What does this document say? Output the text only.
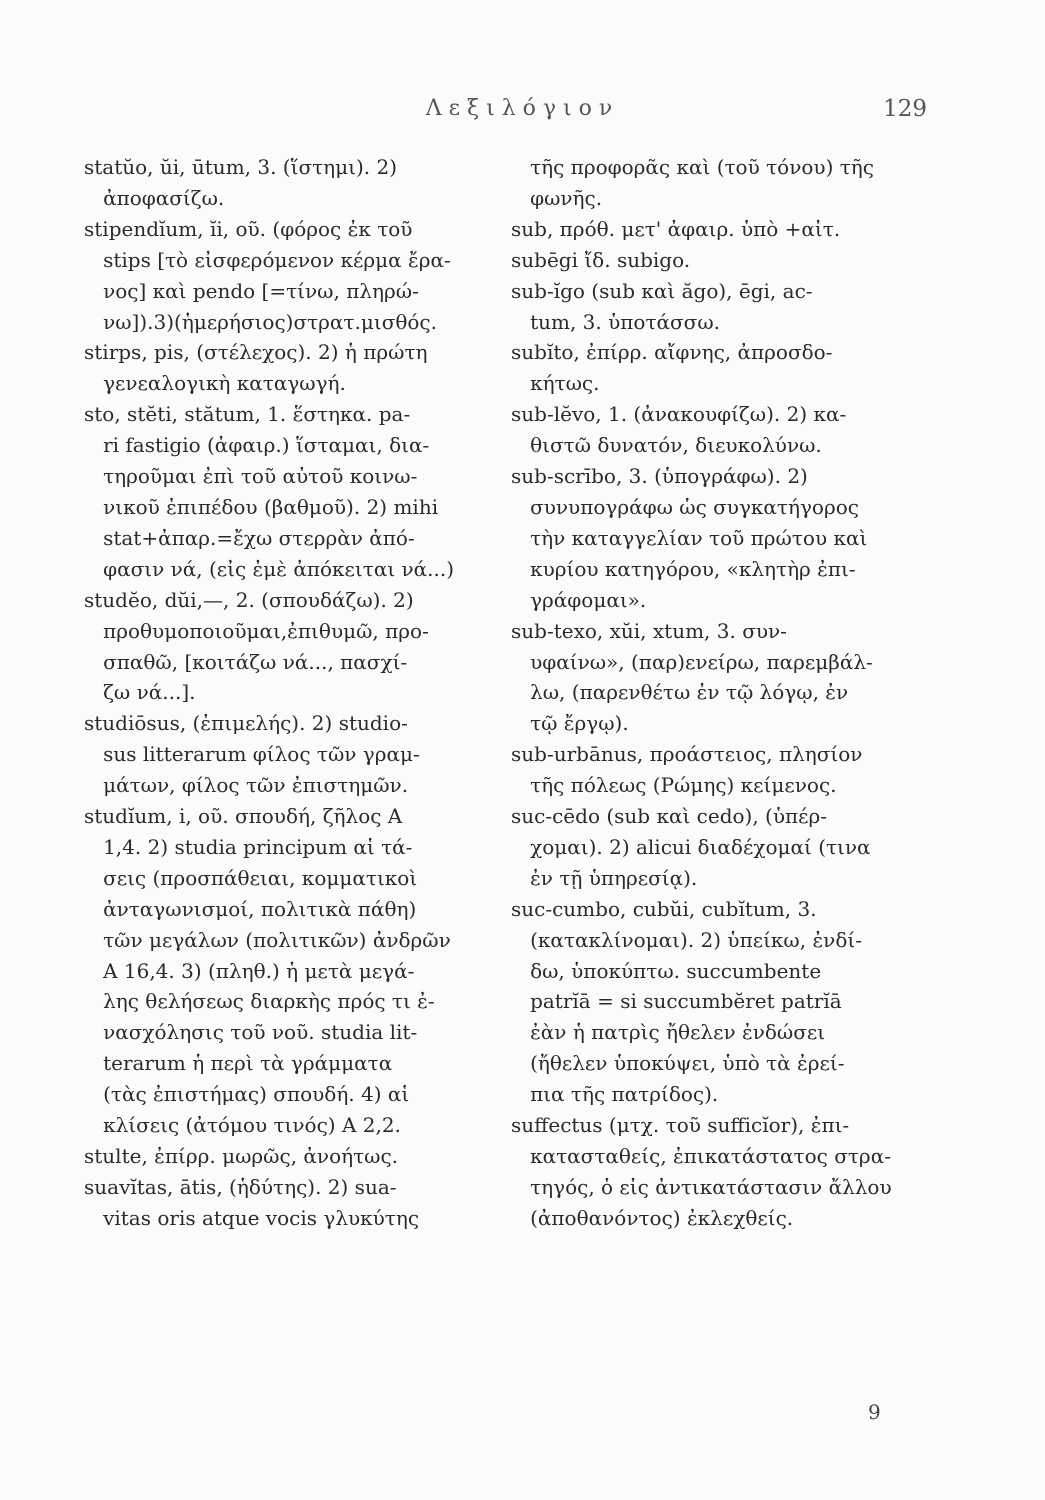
Λεξιλόγιον	129

statŭo, ŭi, ūtum, 3. (ἵστημι). 2)

ἀποφασίζω.

stipendĭum, ĭi, οῦ. (φόρος ἐκ τοῦ

stips [τὸ εἰσφερόμενον κέρμα ἔρα-

νος] καὶ pendo [=τίνω, πληρώ-

νω]).3)(ἡμερήσιος)στρατ.μισθός.

stirps, pis, (στέλεχος). 2) ἡ πρώτη

γενεαλογικὴ καταγωγή.

sto, stĕti, stătum, 1. ἕστηκα. pa-

ri fastigio (ἀφαιρ.) ἵσταμαι, δια-

τηροῦμαι ἐπὶ τοῦ αὐτοῦ κοινω-

νικοῦ ἐπιπέδου (βαθμοῦ). 2) mihi

stat+ἀπαρ.=ἔχω στερρὰν ἀπό-

φασιν νά, (εἰς ἐμὲ ἀπόκειται νά...)

studĕo, dŭi,—, 2. (σπουδάζω). 2)

προθυμοποιοῦμαι,ἐπιθυμῶ, προ-

σπαθῶ, [κοιτάζω νά..., πασχί-

ζω νά...].

studiōsus, (ἐπιμελής). 2) studio-

sus litterarum φίλος τῶν γραμ-

μάτων, φίλος τῶν ἐπιστημῶν.

studĭum, i, οῦ. σπουδή, ζῆλος Α

1,4. 2) studia principum αἱ τά-

σεις (προσπάθειαι, κομματικοὶ

ἀνταγωνισμοί, πολιτικὰ πάθη)

τῶν μεγάλων (πολιτικῶν) ἀνδρῶν

Α 16,4. 3) (πληθ.) ἡ μετὰ μεγά-

λης θελήσεως διαρκὴς πρός τι ἐ-

νασχόλησις τοῦ νοῦ. studia lit-

terarum ἡ περὶ τὰ γράμματα

(τὰς ἐπιστήμας) σπουδή. 4) αἱ

κλίσεις (ἀτόμου τινός) Α 2,2.

stulte, ἐπίρρ. μωρῶς, ἀνοήτως.

suavĭtas, ātis, (ἡδύτης). 2) sua-

vitas oris atque vocis γλυκύτης

τῆς προφορᾶς καὶ (τοῦ τόνου) τῆς

φωνῆς.

sub, πρόθ. μετ' ἀφαιρ. ὑπὸ +αἰτ.

subēgi ἴδ. subigo.

sub-ĭgo (sub καὶ ăgo), ēgi, ac-

tum, 3. ὑποτάσσω.

subĭto, ἐπίρρ. αἴφνης, ἀπροσδο-

κήτως.

sub-lĕvo, 1. (ἀνακουφίζω). 2) κα-

θιστῶ δυνατόν, διευκολύνω.

sub-scrībo, 3. (ὑπογράφω). 2)

συνυπογράφω ὡς συγκατήγορος

τὴν καταγγελίαν τοῦ πρώτου καὶ

κυρίου κατηγόρου, «κλητὴρ ἐπι-

γράφομαι».

sub-texo, xŭi, xtum, 3. συν-

υφαίνω», (παρ)ενείρω, παρεμβάλ-

λω, (παρενθέτω ἐν τῷ λόγῳ, ἐν

τῷ ἔργῳ).

sub-urbānus, προάστειος, πλησίον

τῆς πόλεως (Ρώμης) κείμενος.

suc-cēdo (sub καὶ cedo), (ὑπέρ-

χομαι). 2) alicui διαδέχομαί (τινα

ἐν τῇ ὑπηρεσίᾳ).

suc-cumbo, cubŭi, cubĭtum, 3.

(κατακλίνομαι). 2) ὑπείκω, ἐνδί-

δω, ὑποκύπτω. succumbente

patrĭā = si succumbĕret patrĭā

ἐὰν ἡ πατρὶς ἤθελεν ἐνδώσει

(ἤθελεν ὑποκύψει, ὑπὸ τὰ ἐρεί-

πια τῆς πατρίδος).

suffectus (μτχ. τοῦ sufficĭor), ἐπι-

κατασταθείς, ἐπικατάστατος στρα-

τηγός, ὁ εἰς ἀντικατάστασιν ἄλλου

(ἀποθανόντος) ἐκλεχθείς.

9
